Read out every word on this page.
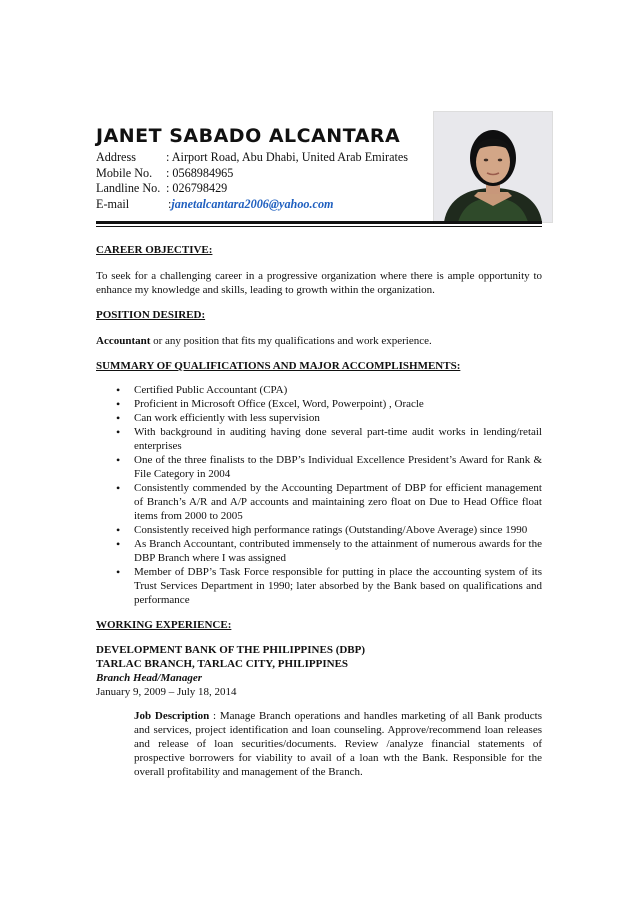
JANET SABADO ALCANTARA
Address	: Airport Road, Abu Dhabi, United Arab Emirates
Mobile No.	: 0568984965
Landline No. : 026798429
E-mail	: janetalcantara2006@yahoo.com
CAREER OBJECTIVE:

To seek for a challenging career in a progressive organization where there is ample opportunity to enhance my knowledge and skills, leading to growth within the organization.

POSITION DESIRED:

Accountant or any position that fits my qualifications and work experience.

SUMMARY OF QUALIFICATIONS AND MAJOR ACCOMPLISHMENTS:
• Certified Public Accountant (CPA)
• Proficient in Microsoft Office (Excel, Word, Powerpoint) , Oracle
• Can work efficiently with less supervision
• With background in auditing having done several part-time audit works in lending/retail enterprises
• One of the three finalists to the DBP’s Individual Excellence President’s Award for Rank & File Category in 2004
• Consistently commended by the Accounting Department of DBP for efficient management of Branch’s A/R and A/P accounts and maintaining zero float on Due to Head Office float items from 2000 to 2005
• Consistently received high performance ratings (Outstanding/Above Average) since 1990
• As Branch Accountant, contributed immensely to the attainment of numerous awards for the DBP Branch where I was assigned
• Member of DBP’s Task Force responsible for putting in place the accounting system of its Trust Services Department in 1990; later absorbed by the Bank based on qualifications and performance
WORKING EXPERIENCE:
DEVELOPMENT BANK OF THE PHILIPPINES (DBP)
TARLAC BRANCH, TARLAC CITY, PHILIPPINES
Branch Head/Manager
January 9, 2009 – July 18, 2014

Job Description : Manage Branch operations and handles marketing of all Bank products and services, project identification and loan counseling. Approve/recommend loan releases and release of loan securities/documents. Review /analyze financial statements of prospective borrowers for viability to avail of a loan wth the Bank. Responsible for the overall profitability and management of the Branch.
